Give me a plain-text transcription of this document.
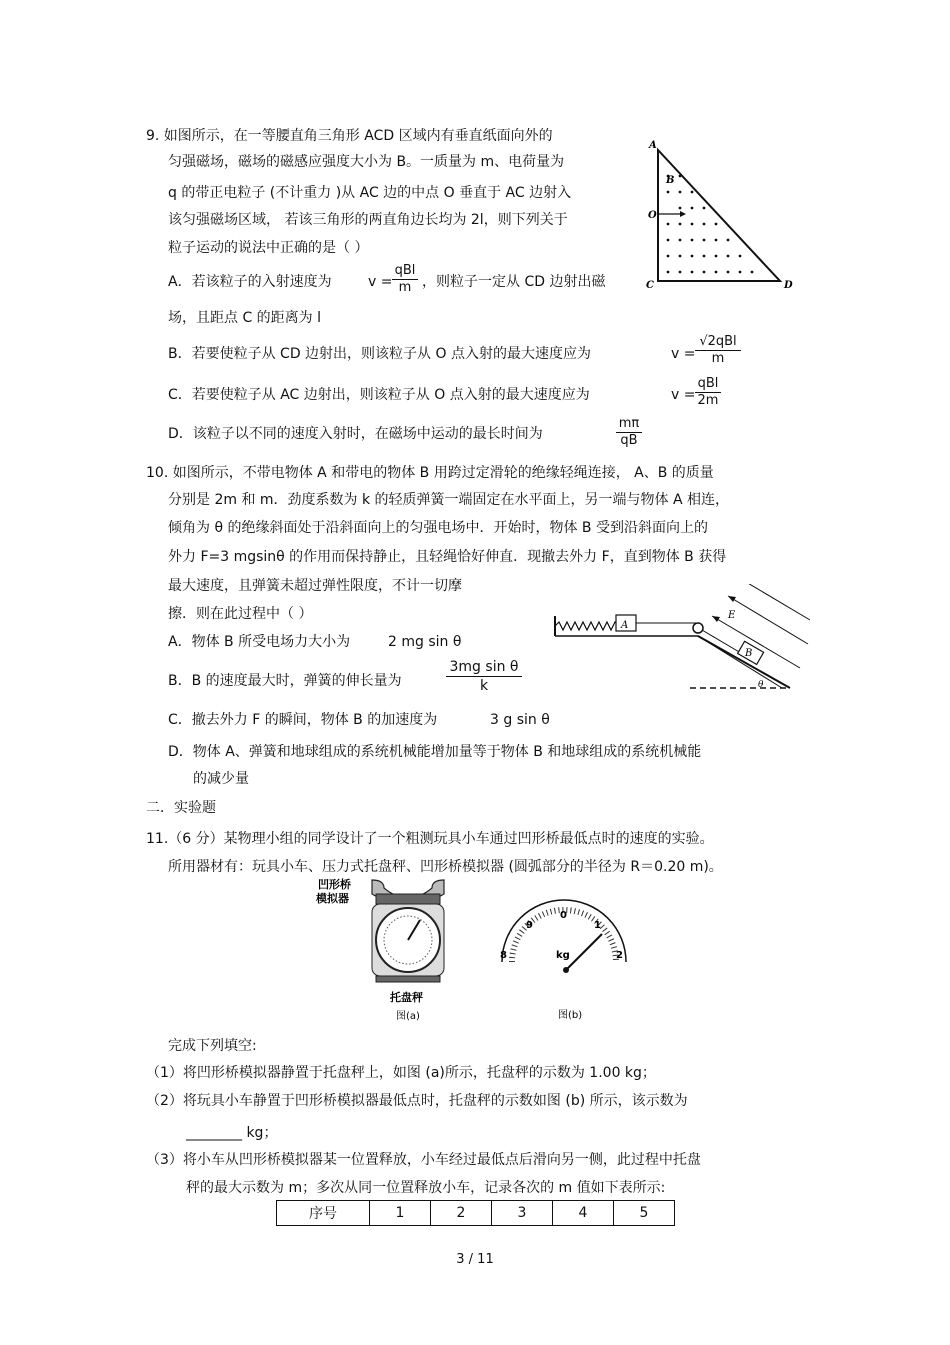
9. 如图所示，在一等腰直角三角形 ACD 区域内有垂直纸面向外的
匀强磁场，磁场的磁感应强度大小为 B。一质量为 m、电荷量为
q 的带正电粒子 (不计重力 )从 AC 边的中点 O 垂直于 AC 边射入
该匀强磁场区域， 若该三角形的两直角边长均为 2l，则下列关于
粒子运动的说法中正确的是（ ）
A．若该粒子的入射速度为	v =
qBl
m ，则粒子一定从 CD 边射出磁
场，且距点 C 的距离为 l
B．若要使粒子从 CD 边射出，则该粒子从 O 点入射的最大速度应为	v =
√2qBl
m
C．若要使粒子从 AC 边射出，则该粒子从 O 点入射的最大速度应为	v =
qBl
2m
D．该粒子以不同的速度入射时，在磁场中运动的最长时间为	$\frac{m\pi}{qB}$
A
B
O
C	D
10. 如图所示，不带电物体 A 和带电的物体 B 用跨过定滑轮的绝缘轻绳连接， A、B 的质量
分别是 2m 和 m．劲度系数为 k 的轻质弹簧一端固定在水平面上，另一端与物体 A 相连，
倾角为 θ 的绝缘斜面处于沿斜面向上的匀强电场中．开始时，物体 B 受到沿斜面向上的
外力 F=3 mgsinθ 的作用而保持静止，且轻绳恰好伸直．现撤去外力 F，直到物体 B 获得
最大速度，且弹簧未超过弹性限度，不计一切摩
擦．则在此过程中（ ）
A．物体 B 所受电场力大小为	2 mg sin θ
B．B 的速度最大时，弹簧的伸长量为	$\frac{\text{3mg sin θ}}{k}$
C．撤去外力 F 的瞬间，物体 B 的加速度为	3 g sin θ
D．物体 A、弹簧和地球组成的系统机械能增加量等于物体 B 和地球组成的系统机械能
的减少量
A
B
θ
E
二．实验题
11.（6 分）某物理小组的同学设计了一个粗测玩具小车通过凹形桥最低点时的速度的实验。
所用器材有：玩具小车、压力式托盘秤、凹形桥模拟器 (圆弧部分的半径为 R＝0.20 m)。
凹形桥
模拟器
托盘秤
图(a)
8
9
0
1
2
kg
图(b)
完成下列填空:
（1）将凹形桥模拟器静置于托盘秤上，如图 (a)所示，托盘秤的示数为 1.00 kg；
（2）将玩具小车静置于凹形桥模拟器最低点时，托盘秤的示数如图 (b) 所示，该示数为
________ kg；
（3）将小车从凹形桥模拟器某一位置释放，小车经过最低点后滑向另一侧，此过程中托盘
秤的最大示数为 m；多次从同一位置释放小车，记录各次的 m 值如下表所示:
序号	1	2	3	4	5
3 / 11
